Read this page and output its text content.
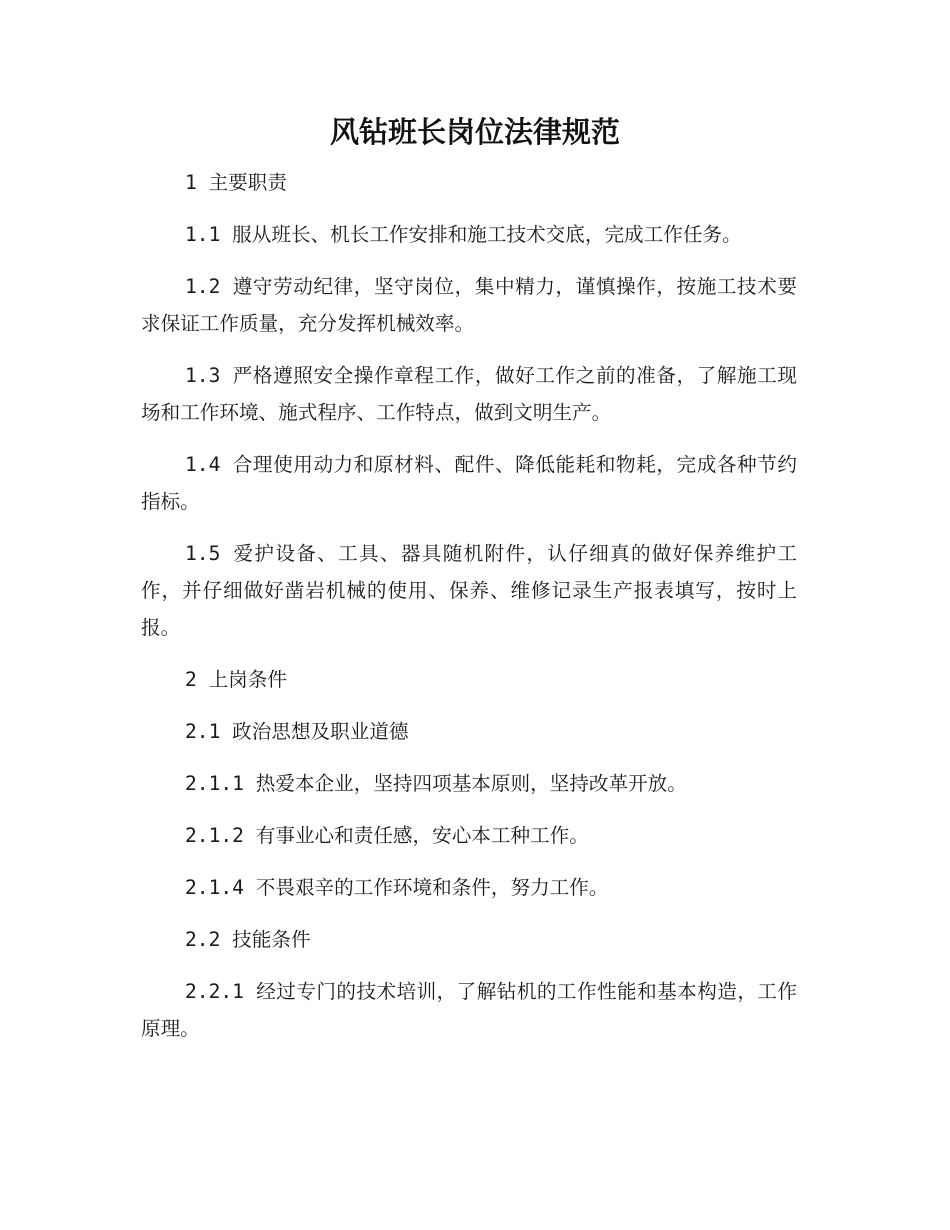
风钻班长岗位法律规范

1 主要职责

1.1 服从班长、机长工作安排和施工技术交底，完成工作任务。

1.2 遵守劳动纪律，坚守岗位，集中精力，谨慎操作，按施工技术要求保证工作质量，充分发挥机械效率。

1.3 严格遵照安全操作章程工作，做好工作之前的准备，了解施工现场和工作环境、施式程序、工作特点，做到文明生产。

1.4 合理使用动力和原材料、配件、降低能耗和物耗，完成各种节约指标。

1.5 爱护设备、工具、器具随机附件，认仔细真的做好保养维护工作，并仔细做好凿岩机械的使用、保养、维修记录生产报表填写，按时上报。

2 上岗条件

2.1 政治思想及职业道德

2.1.1 热爱本企业，坚持四项基本原则，坚持改革开放。

2.1.2 有事业心和责任感，安心本工种工作。

2.1.4 不畏艰辛的工作环境和条件，努力工作。

2.2 技能条件

2.2.1 经过专门的技术培训，了解钻机的工作性能和基本构造，工作原理。
